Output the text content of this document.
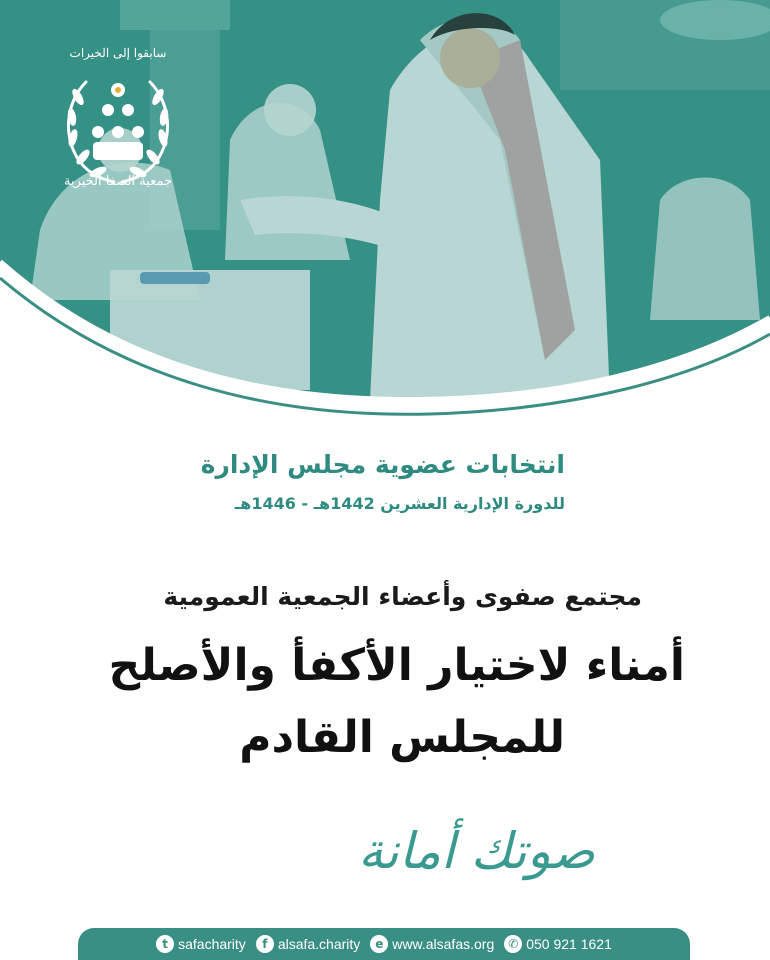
سابقوا إلى الخيرات
جمعية الصفا الخيرية
انتخابات عضوية مجلس الإدارة
للدورة الإدارية العشرين 1442هـ - 1446هـ
مجتمع صفوى وأعضاء الجمعية العمومية
أمناء لاختيار الأكفأ والأصلح
للمجلس القادم
صوتك أمانة
t safacharity	f alsafa.charity	e www.alsafas.org	✆ 050 921 1621
